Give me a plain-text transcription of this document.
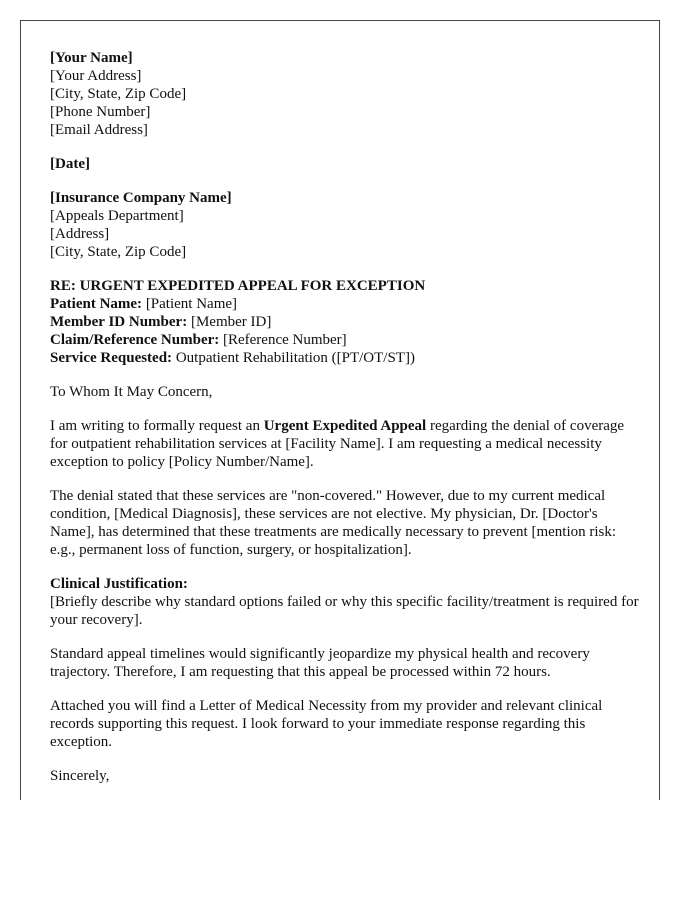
[Your Name]
[Your Address]
[City, State, Zip Code]
[Phone Number]
[Email Address]
[Date]
[Insurance Company Name]
[Appeals Department]
[Address]
[City, State, Zip Code]
RE: URGENT EXPEDITED APPEAL FOR EXCEPTION
Patient Name: [Patient Name]
Member ID Number: [Member ID]
Claim/Reference Number: [Reference Number]
Service Requested: Outpatient Rehabilitation ([PT/OT/ST])

To Whom It May Concern,

I am writing to formally request an Urgent Expedited Appeal regarding the denial of coverage for outpatient rehabilitation services at [Facility Name]. I am requesting a medical necessity exception to policy [Policy Number/Name].

The denial stated that these services are "non-covered." However, due to my current medical condition, [Medical Diagnosis], these services are not elective. My physician, Dr. [Doctor's Name], has determined that these treatments are medically necessary to prevent [mention risk: e.g., permanent loss of function, surgery, or hospitalization].

Clinical Justification:
[Briefly describe why standard options failed or why this specific facility/treatment is required for your recovery].

Standard appeal timelines would significantly jeopardize my physical health and recovery trajectory. Therefore, I am requesting that this appeal be processed within 72 hours.

Attached you will find a Letter of Medical Necessity from my provider and relevant clinical records supporting this request. I look forward to your immediate response regarding this exception.

Sincerely,
